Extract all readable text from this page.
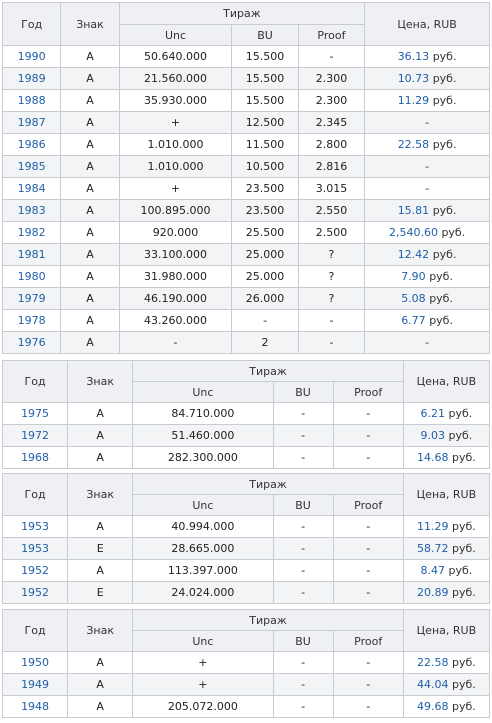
Год	Знак	Тираж			Цена, RUB
		Unc	BU	Proof	
1990	A	50.640.000	15.500	-	36.13 руб.
1989	A	21.560.000	15.500	2.300	10.73 руб.
1988	A	35.930.000	15.500	2.300	11.29 руб.
1987	A	+	12.500	2.345	-
1986	A	1.010.000	11.500	2.800	22.58 руб.
1985	A	1.010.000	10.500	2.816	-
1984	A	+	23.500	3.015	-
1983	A	100.895.000	23.500	2.550	15.81 руб.
1982	A	920.000	25.500	2.500	2,540.60 руб.
1981	A	33.100.000	25.000	?	12.42 руб.
1980	A	31.980.000	25.000	?	7.90 руб.
1979	A	46.190.000	26.000	?	5.08 руб.
1978	A	43.260.000	-	-	6.77 руб.
1976	A	-	2	-	-
Год	Знак	Тираж			Цена, RUB
		Unc	BU	Proof	
1975	A	84.710.000	-	-	6.21 руб.
1972	A	51.460.000	-	-	9.03 руб.
1968	A	282.300.000	-	-	14.68 руб.
Год	Знак	Тираж			Цена, RUB
		Unc	BU	Proof	
1953	A	40.994.000	-	-	11.29 руб.
1953	E	28.665.000	-	-	58.72 руб.
1952	A	113.397.000	-	-	8.47 руб.
1952	E	24.024.000	-	-	20.89 руб.
Год	Знак	Тираж			Цена, RUB
		Unc	BU	Proof	
1950	A	+	-	-	22.58 руб.
1949	A	+	-	-	44.04 руб.
1948	A	205.072.000	-	-	49.68 руб.
